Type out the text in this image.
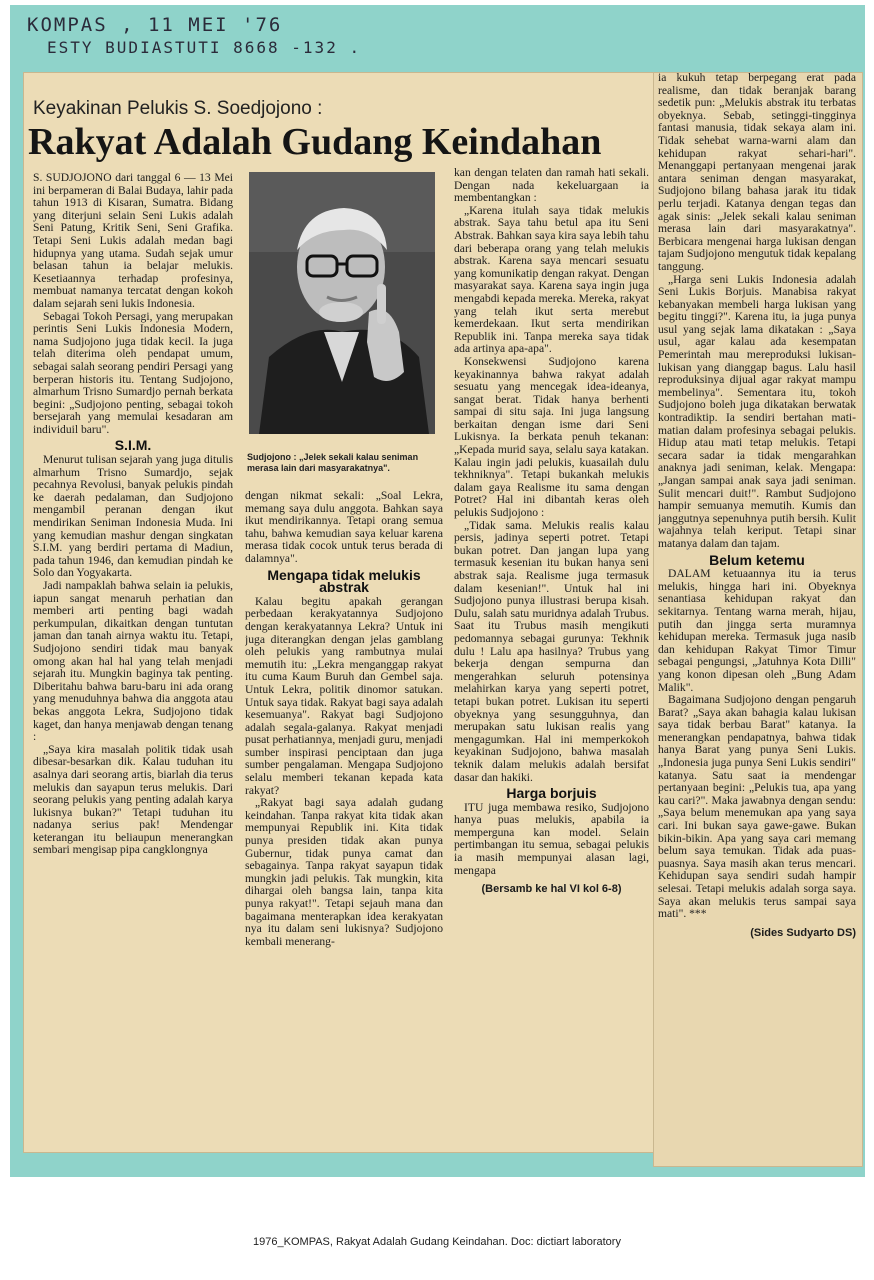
KOMPAS , 11 MEI '76
ESTY BUDIASTUTI 8668 -132 .
Keyakinan Pelukis S. Soedjojono :
Rakyat Adalah Gudang Keindahan

S. SUDJOJONO dari tanggal 6 — 13 Mei ini berpameran di Balai Budaya, lahir pada tahun 1913 di Kisaran, Sumatra. Bidang yang diterjuni selain Seni Lukis adalah Seni Patung, Kritik Seni, Seni Grafika. Tetapi Seni Lukis adalah medan bagi hidupnya yang utama. Sudah sejak umur belasan tahun ia belajar melukis. Kesetiaannya terhadap profesinya, membuat namanya tercatat dengan kokoh dalam sejarah seni lukis Indonesia.

Sebagai Tokoh Persagi, yang merupakan perintis Seni Lukis Indonesia Modern, nama Sudjojono juga tidak kecil. Ia juga telah diterima oleh pendapat umum, sebagai salah seorang pendiri Persagi yang berperan historis itu. Tentang Sudjojono, almarhum Trisno Sumardjo pernah berkata begini: „Sudjojono penting, sebagai tokoh bersejarah yang memulai kesadaran am individuil baru".

S.I.M.

Menurut tulisan sejarah yang juga ditulis almarhum Trisno Sumardjo, sejak pecahnya Revolusi, banyak pelukis pindah ke daerah pedalaman, dan Sudjojono mengambil peranan dengan ikut mendirikan Seniman Indonesia Muda. Ini yang kemudian mashur dengan singkatan S.I.M. yang berdiri pertama di Madiun, pada tahun 1946, dan kemudian pindah ke Solo dan Yogyakarta.

Jadi nampaklah bahwa selain ia pelukis, iapun sangat menaruh perhatian dan memberi arti penting bagi wadah perkumpulan, dikaitkan dengan tuntutan jaman dan tanah airnya waktu itu. Tetapi, Sudjojono sendiri tidak mau banyak omong akan hal hal yang telah menjadi sejarah itu. Mungkin baginya tak penting. Diberitahu bahwa baru-baru ini ada orang yang menuduhnya bahwa dia anggota atau bekas anggota Lekra, Sudjojono tidak kaget, dan hanya menjawab dengan tenang :

„Saya kira masalah politik tidak usah dibesar-besarkan dik. Kalau tuduhan itu asalnya dari seorang artis, biarlah dia terus melukis dan sayapun terus melukis. Dari seorang pelukis yang penting adalah karya lukisnya bukan?" Tetapi tuduhan itu nadanya serius pak! Mendengar keterangan itu beliaupun menerangkan sembari mengisap pipa cangklongnya

Sudjojono : „Jelek sekali kalau seniman merasa lain dari masyarakatnya".

dengan nikmat sekali: „Soal Lekra, memang saya dulu anggota. Bahkan saya ikut mendirikannya. Tetapi orang semua tahu, bahwa kemudian saya keluar karena merasa tidak cocok untuk terus berada di dalamnya".

Mengapa tidak melukis abstrak

Kalau begitu apakah gerangan perbedaan kerakyatannya Sudjojono dengan kerakyatannya Lekra? Untuk ini juga diterangkan dengan jelas gamblang oleh pelukis yang rambutnya mulai memutih itu: „Lekra menganggap rakyat itu cuma Kaum Buruh dan Gembel saja. Untuk Lekra, politik dinomor satukan. Untuk saya tidak. Rakyat bagi saya adalah kesemuanya". Rakyat bagi Sudjojono adalah segala-galanya. Rakyat menjadi pusat perhatiannya, menjadi guru, menjadi sumber inspirasi penciptaan dan juga sumber pengalaman. Mengapa Sudjojono selalu memberi tekanan kepada kata rakyat?

„Rakyat bagi saya adalah gudang keindahan. Tanpa rakyat kita tidak akan mempunyai Republik ini. Kita tidak punya presiden tidak akan punya Gubernur, tidak punya camat dan sebagainya. Tanpa rakyat sayapun tidak mungkin jadi pelukis. Tak mungkin, kita dihargai oleh bangsa lain, tanpa kita punya rakyat!". Tetapi sejauh mana dan bagaimana menterapkan idea kerakyatan nya itu dalam seni lukisnya? Sudjojono kembali menerang-

kan dengan telaten dan ramah hati sekali. Dengan nada kekeluargaan ia membentangkan :

„Karena itulah saya tidak melukis abstrak. Saya tahu betul apa itu Seni Abstrak. Bahkan saya kira saya lebih tahu dari beberapa orang yang telah melukis abstrak. Karena saya mencari sesuatu yang komunikatip dengan rakyat. Dengan masyarakat saya. Karena saya ingin juga mengabdi kepada mereka. Mereka, rakyat yang telah ikut serta merebut kemerdekaan. Ikut serta mendirikan Republik ini. Tanpa mereka saya tidak ada artinya apa-apa".

Konsekwensi Sudjojono karena keyakinannya bahwa rakyat adalah sesuatu yang mencegak idea-ideanya, sangat berat. Tidak hanya berhenti sampai di situ saja. Ini juga langsung berkaitan dengan isme dari Seni Lukisnya. Ia berkata penuh tekanan: „Kepada murid saya, selalu saya katakan. Kalau ingin jadi pelukis, kuasailah dulu tekhniknya". Tetapi bukankah melukis dalam gaya Realisme itu sama dengan Potret? Hal ini dibantah keras oleh pelukis Sudjojono :

„Tidak sama. Melukis realis kalau persis, jadinya seperti potret. Tetapi bukan potret. Dan jangan lupa yang termasuk kesenian itu bukan hanya seni abstrak saja. Realisme juga termasuk dalam kesenian!". Untuk hal ini Sudjojono punya illustrasi berupa kisah. Dulu, salah satu muridnya adalah Trubus. Saat itu Trubus masih mengikuti pedomannya sebagai gurunya: Tekhnik dulu ! Lalu apa hasilnya? Trubus yang bekerja dengan sempurna dan mengerahkan seluruh potensinya melahirkan karya yang seperti potret, tetapi bukan potret. Lukisan itu seperti obyeknya yang sesungguhnya, dan merupakan satu lukisan realis yang mengagumkan. Hal ini memperkokoh keyakinan Sudjojono, bahwa masalah teknik dalam melukis adalah bersifat dasar dan hakiki.

Harga borjuis

ITU juga membawa resiko, Sudjojono hanya puas melukis, apabila ia memperguna kan model. Selain pertimbangan itu semua, sebagai pelukis ia masih mempunyai alasan lagi, mengapa

(Bersamb ke hal VI kol 6-8)

ia kukuh tetap berpegang erat pada realisme, dan tidak beranjak barang sedetik pun: „Melukis abstrak itu terbatas obyeknya. Sebab, setinggi-tingginya fantasi manusia, tidak sekaya alam ini. Tidak sehebat warna-warni alam dan kehidupan rakyat sehari-hari". Menanggapi pertanyaan mengenai jarak antara seniman dengan masyarakat, Sudjojono bilang bahasa jarak itu tidak perlu terjadi. Katanya dengan tegas dan agak sinis: „Jelek sekali kalau seniman merasa lain dari masyarakatnya". Berbicara mengenai harga lukisan dengan tajam Sudjojono mengutuk tidak kepalang tanggung.

„Harga seni Lukis Indonesia adalah Seni Lukis Borjuis. Manabisa rakyat kebanyakan membeli harga lukisan yang begitu tinggi?". Karena itu, ia juga punya usul yang sejak lama dikatakan : „Saya usul, agar kalau ada kesempatan Pemerintah mau mereproduksi lukisan-lukisan yang dianggap bagus. Lalu hasil reproduksinya dijual agar rakyat mampu membelinya". Sementara itu, tokoh Sudjojono boleh juga dikatakan berwatak kontradiktip. Ia sendiri bertahan mati-matian dalam profesinya sebagai pelukis. Hidup atau mati tetap melukis. Tetapi secara sadar ia tidak mengarahkan anaknya jadi seniman, kelak. Mengapa: „Jangan sampai anak saya jadi seniman. Sulit mencari duit!". Rambut Sudjojono hampir semuanya memutih. Kumis dan janggutnya sepenuhnya putih bersih. Kulit wajahnya telah keriput. Tetapi sinar matanya dalam dan tajam.

Belum ketemu

DALAM ketuaannya itu ia terus melukis, hingga hari ini. Obyeknya senantiasa kehidupan rakyat dan sekitarnya. Tentang warna merah, hijau, putih dan jingga serta muramnya kehidupan mereka. Termasuk juga nasib dan kehidupan Rakyat Timor Timur sebagai pengungsi, „Jatuhnya Kota Dilli" yang konon dipesan oleh „Bung Adam Malik".

Bagaimana Sudjojono dengan pengaruh Barat? „Saya akan bahagia kalau lukisan saya tidak berbau Barat" katanya. Ia menerangkan pendapatnya, bahwa tidak hanya Barat yang punya Seni Lukis. „Indonesia juga punya Seni Lukis sendiri" katanya. Satu saat ia mendengar pertanyaan begini: „Pelukis tua, apa yang kau cari?". Maka jawabnya dengan sendu: „Saya belum menemukan apa yang saya cari. Ini bukan saya gawe-gawe. Bukan bikin-bikin. Apa yang saya cari memang belum saya temukan. Tidak ada puas-puasnya. Saya masih akan terus mencari. Kehidupan saya sendiri sudah hampir selesai. Tetapi melukis adalah sorga saya. Saya akan melukis terus sampai saya mati". ***

(Sides Sudyarto DS)
1976_KOMPAS, Rakyat Adalah Gudang Keindahan. Doc: dictiart laboratory
